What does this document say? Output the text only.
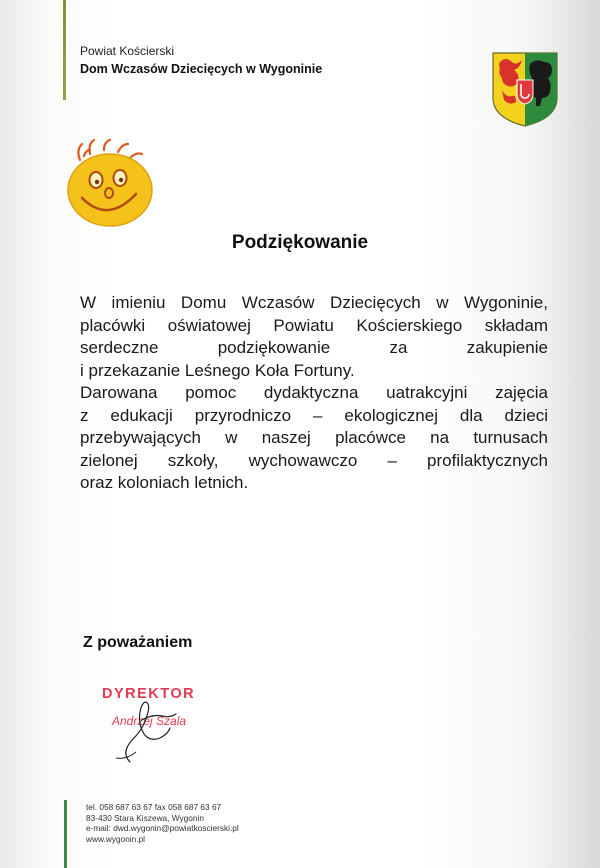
Powiat Kościerski
Dom Wczasów Dziecięcych w Wygoninie
Podziękowanie

W imieniu Domu Wczasów Dziecięcych w Wygoninie,

placówki oświatowej Powiatu Kościerskiego składam

serdeczne podziękowanie za zakupienie

i przekazanie Leśnego Koła Fortuny.

Darowana pomoc dydaktyczna uatrakcyjni zajęcia

z edukacji przyrodniczo – ekologicznej dla dzieci

przebywających w naszej placówce na turnusach

zielonej szkoły, wychowawczo – profilaktycznych

oraz koloniach letnich.

Z poważaniem
DYREKTOR
Andrzej Szala
tel. 058 687 63 67 fax 058 687 63 67
83-430 Stara Kiszewa, Wygonin
e-mail: dwd.wygonin@powiatkoscierski.pl
www.wygonin.pl
